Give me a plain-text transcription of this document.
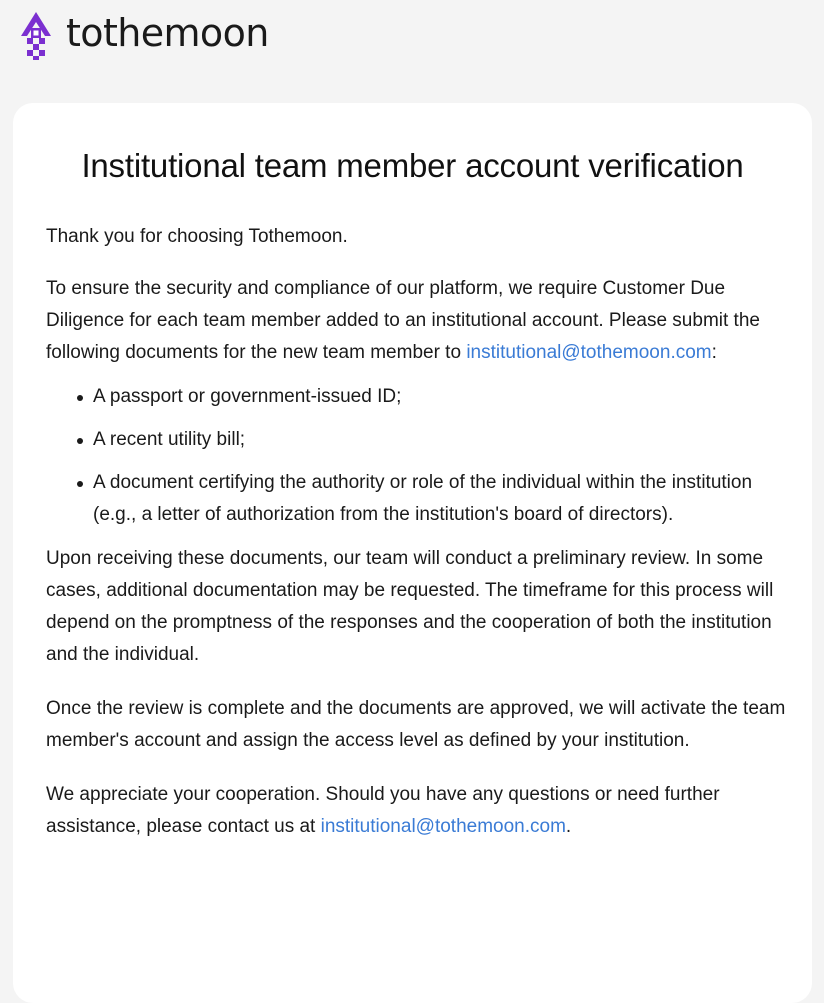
tothemoon
Institutional team member account verification

Thank you for choosing Tothemoon.

To ensure the security and compliance of our platform, we require Customer Due Diligence for each team member added to an institutional account. Please submit the following documents for the new team member to institutional@tothemoon.com:

A passport or government-issued ID;
A recent utility bill;
A document certifying the authority or role of the individual within the institution (e.g., a letter of authorization from the institution's board of directors).

Upon receiving these documents, our team will conduct a preliminary review. In some cases, additional documentation may be requested. The timeframe for this process will depend on the promptness of the responses and the cooperation of both the institution and the individual.

Once the review is complete and the documents are approved, we will activate the team member's account and assign the access level as defined by your institution.

We appreciate your cooperation. Should you have any questions or need further assistance, please contact us at institutional@tothemoon.com.
